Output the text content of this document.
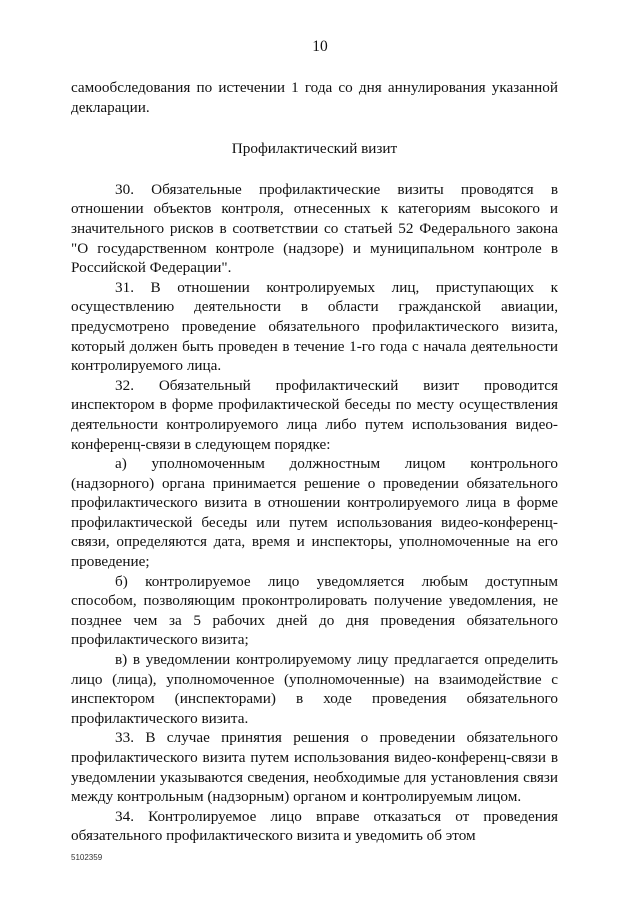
10

самообследования по истечении 1 года со дня аннулирования указанной декларации.

Профилактический визит

30. Обязательные профилактические визиты проводятся в отношении объектов контроля, отнесенных к категориям высокого и значительного рисков в соответствии со статьей 52 Федерального закона "О государственном контроле (надзоре) и муниципальном контроле в Российской Федерации".

31. В отношении контролируемых лиц, приступающих к осуществлению деятельности в области гражданской авиации, предусмотрено проведение обязательного профилактического визита, который должен быть проведен в течение 1-го года с начала деятельности контролируемого лица.

32. Обязательный профилактический визит проводится инспектором в форме профилактической беседы по месту осуществления деятельности контролируемого лица либо путем использования видео-конференц-связи в следующем порядке:

а) уполномоченным должностным лицом контрольного (надзорного) органа принимается решение о проведении обязательного профилактического визита в отношении контролируемого лица в форме профилактической беседы или путем использования видео-конференц-связи, определяются дата, время и инспекторы, уполномоченные на его проведение;

б) контролируемое лицо уведомляется любым доступным способом, позволяющим проконтролировать получение уведомления, не позднее чем за 5 рабочих дней до дня проведения обязательного профилактического визита;

в) в уведомлении контролируемому лицу предлагается определить лицо (лица), уполномоченное (уполномоченные) на взаимодействие с инспектором (инспекторами) в ходе проведения обязательного профилактического визита.

33. В случае принятия решения о проведении обязательного профилактического визита путем использования видео-конференц-связи в уведомлении указываются сведения, необходимые для установления связи между контрольным (надзорным) органом и контролируемым лицом.

34. Контролируемое лицо вправе отказаться от проведения обязательного профилактического визита и уведомить об этом

5102359
